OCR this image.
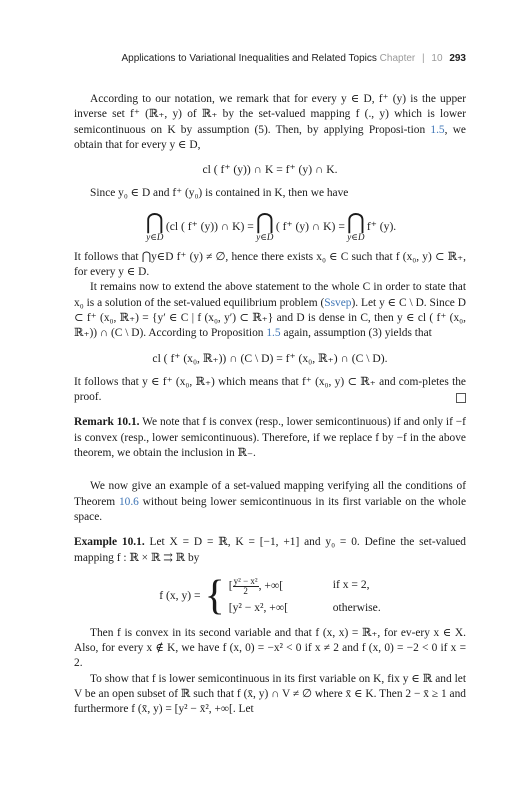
Applications to Variational Inequalities and Related Topics Chapter | 10 293

According to our notation, we remark that for every y ∈ D, f⁺ (y) is the upper inverse set f⁺ (ℝ₊, y) of ℝ₊ by the set-valued mapping f (., y) which is lower semicontinuous on K by assumption (5). Then, by applying Proposi-tion 1.5, we obtain that for every y ∈ D,

cl ( f⁺ (y)) ∩ K = f⁺ (y) ∩ K.

Since y₀ ∈ D and f⁺ (y₀) is contained in K, then we have

⋂
y∈D
(cl ( f⁺ (y)) ∩ K) = ⋂
y∈D
( f⁺ (y) ∩ K) = ⋂
y∈D
f⁺ (y).

It follows that ⋂y∈D f⁺ (y) ≠ ∅, hence there exists x₀ ∈ C such that f (x₀, y) ⊂ ℝ₊, for every y ∈ D.

It remains now to extend the above statement to the whole C in order to state that x₀ is a solution of the set-valued equilibrium problem (Ssvep). Let y ∈ C \ D. Since D ⊂ f⁺ (x₀, ℝ₊) = {y′ ∈ C | f (x₀, y′) ⊂ ℝ₊} and D is dense in C, then y ∈ cl ( f⁺ (x₀, ℝ₊)) ∩ (C \ D). According to Proposition 1.5 again, assumption (3) yields that

cl ( f⁺ (x₀, ℝ₊)) ∩ (C \ D) = f⁺ (x₀, ℝ₊) ∩ (C \ D).

It follows that y ∈ f⁺ (x₀, ℝ₊) which means that f⁺ (x₀, y) ⊂ ℝ₊ and com-pletes the proof.

Remark 10.1. We note that f is convex (resp., lower semicontinuous) if and only if −f is convex (resp., lower semicontinuous). Therefore, if we replace f by −f in the above theorem, we obtain the inclusion in ℝ₋.

We now give an example of a set-valued mapping verifying all the conditions of Theorem 10.6 without being lower semicontinuous in its first variable on the whole space.

Example 10.1. Let X = D = ℝ, K = [−1, +1] and y₀ = 0. Define the set-valued mapping f : ℝ × ℝ ⇉ ℝ by

f (x, y) = { [ $\frac{\text{y² − x²}}{2}$ , +∞[	if x = 2,
[y² − x², +∞[	otherwise.

Then f is convex in its second variable and that f (x, x) = ℝ₊, for ev-ery x ∈ X. Also, for every x ∉ K, we have f (x, 0) = −x² < 0 if x ≠ 2 and f (x, 0) = −2 < 0 if x = 2.

To show that f is lower semicontinuous in its first variable on K, fix y ∈ ℝ and let V be an open subset of ℝ such that f (x̄, y) ∩ V ≠ ∅ where x̄ ∈ K. Then 2 − x̄ ≥ 1 and furthermore f (x̄, y) = [y² − x̄², +∞[. Let
